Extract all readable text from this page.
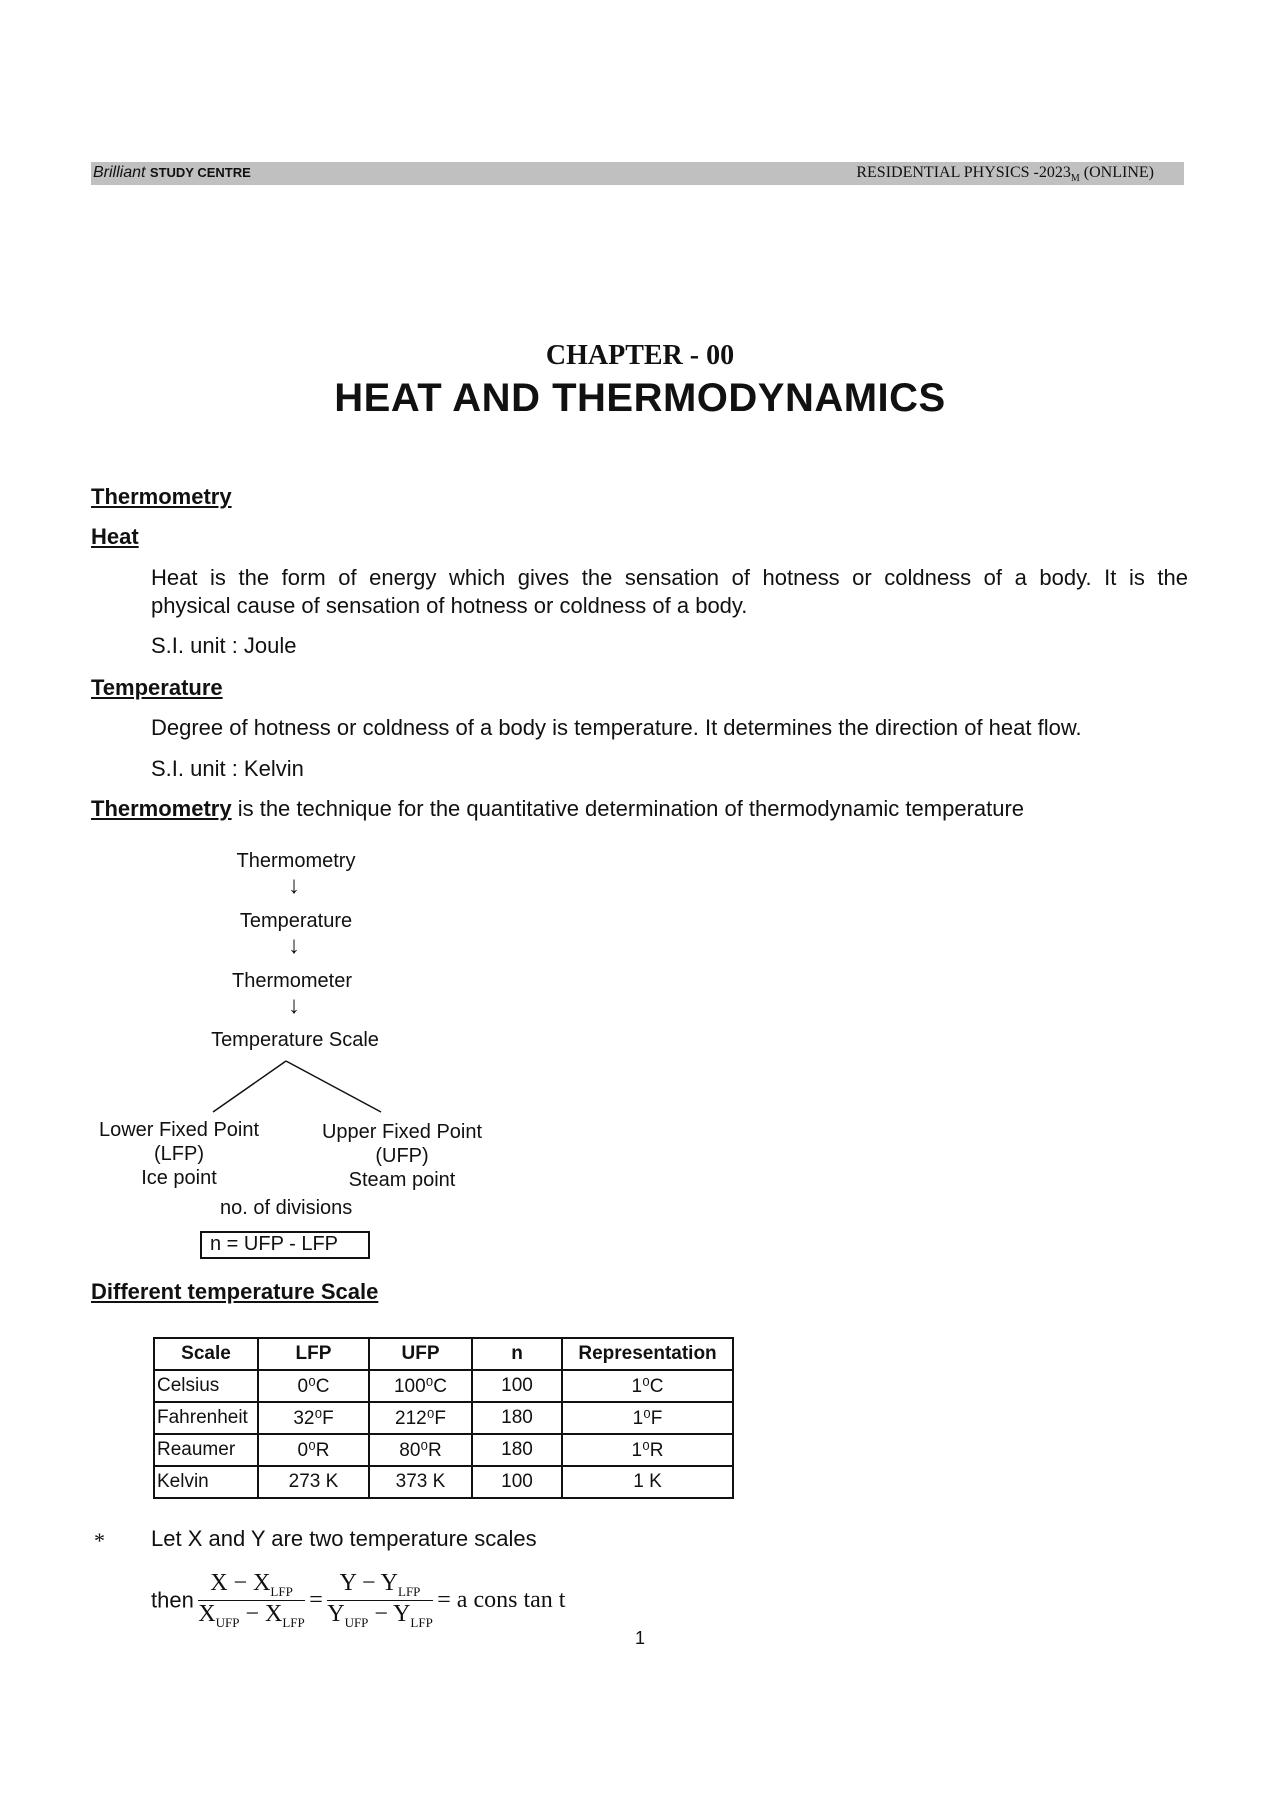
Brilliant STUDY CENTRE	RESIDENTIAL PHYSICS $-2023_M$ (ONLINE)
CHAPTER - 00
HEAT AND THERMODYNAMICS
Thermometry
Heat
Heat is the form of energy which gives the sensation of hotness or coldness of a body. It is the
physical cause of sensation of hotness or coldness of a body.
S.I. unit : Joule
Temperature
Degree of hotness or coldness of a body is temperature. It determines the direction of heat flow.
S.I. unit : Kelvin
Thermometry is the technique for the quantitative determination of thermodynamic temperature
Thermometry
↓
Temperature
↓
Thermometer
↓
Temperature Scale
Lower Fixed Point
(LFP)
Ice point
Upper Fixed Point
(UFP)
Steam point
no. of divisions
n = UFP - LFP
Different temperature Scale
Scale	LFP	UFP	n	Representation
Celsius	0⁰C	100⁰C	100	1⁰C
Fahrenheit	32⁰F	212⁰F	180	1⁰F
Reaumer	0⁰R	80⁰R	180	1⁰R
Kelvin	273 K	373 K	100	1 K
* Let X and Y are two temperature scales
then $\frac{X - X_{LFP}}{X_{UFP} - X_{LFP}} = \frac{Y - Y_{LFP}}{Y_{UFP} - Y_{LFP}} = a$ cons tan t
1
